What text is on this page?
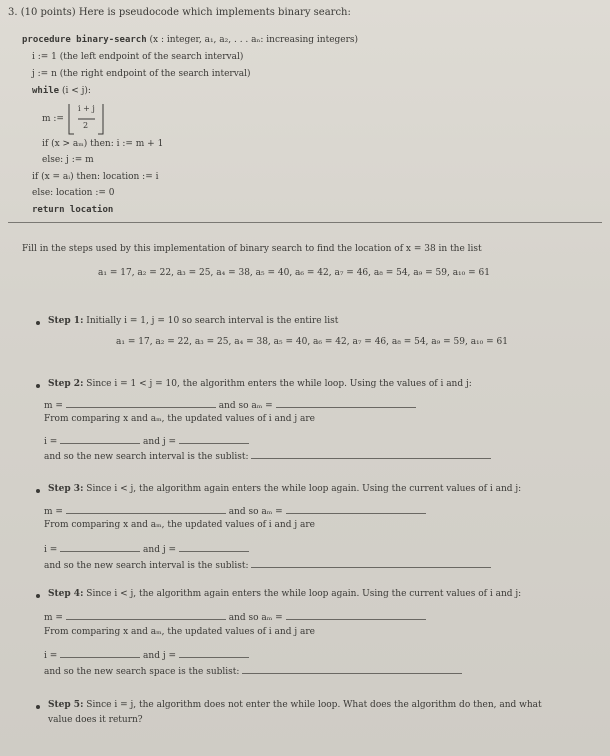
3. (10 points) Here is pseudocode which implements binary search:
procedure binary-search (x : integer, a₁, a₂, . . . aₙ: increasing integers)
i := 1 (the left endpoint of the search interval)
j := n (the right endpoint of the search interval)
while (i < j):
m :=
i + j
2
if (x > aₘ) then: i := m + 1
else: j := m
if (x = aᵢ) then: location := i
else: location := 0
return location
Fill in the steps used by this implementation of binary search to find the location of x = 38 in the list
a₁ = 17, a₂ = 22, a₃ = 25, a₄ = 38, a₅ = 40, a₆ = 42, a₇ = 46, a₈ = 54, a₉ = 59, a₁₀ = 61
Step 1: Initially i = 1, j = 10 so search interval is the entire list
a₁ = 17, a₂ = 22, a₃ = 25, a₄ = 38, a₅ = 40, a₆ = 42, a₇ = 46, a₈ = 54, a₉ = 59, a₁₀ = 61
Step 2: Since i = 1 < j = 10, the algorithm enters the while loop. Using the values of i and j:
m =	and so aₘ =
From comparing x and aₘ, the updated values of i and j are
i =	and j =
and so the new search interval is the sublist:
Step 3: Since i < j, the algorithm again enters the while loop again. Using the current values of i and j:
m =	and so aₘ =
From comparing x and aₘ, the updated values of i and j are
i =	and j =
and so the new search interval is the sublist:
Step 4: Since i < j, the algorithm again enters the while loop again. Using the current values of i and j:
m =	and so aₘ =
From comparing x and aₘ, the updated values of i and j are
i =	and j =
and so the new search space is the sublist:
Step 5: Since i = j, the algorithm does not enter the while loop. What does the algorithm do then, and what
value does it return?
